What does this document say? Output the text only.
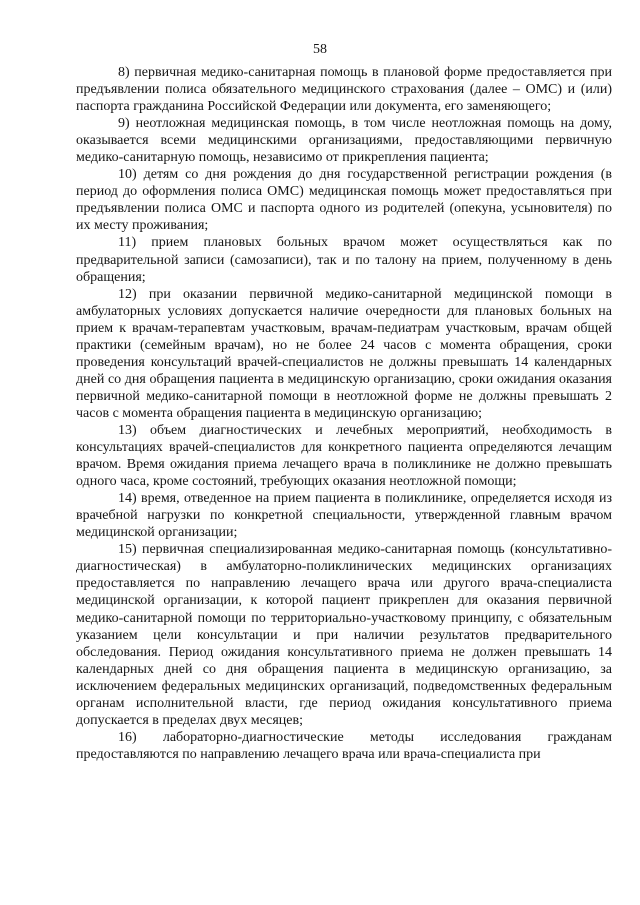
58

8) первичная медико-санитарная помощь в плановой форме предоставляется при предъявлении полиса обязательного медицинского страхования (далее – ОМС) и (или) паспорта гражданина Российской Федерации или документа, его заменяющего;

9) неотложная медицинская помощь, в том числе неотложная помощь на дому, оказывается всеми медицинскими организациями, предоставляющими первичную медико-санитарную помощь, независимо от прикрепления пациента;

10) детям со дня рождения до дня государственной регистрации рождения (в период до оформления полиса ОМС) медицинская помощь может предоставляться при предъявлении полиса ОМС и паспорта одного из родителей (опекуна, усыновителя) по их месту проживания;

11) прием плановых больных врачом может осуществляться как по предварительной записи (самозаписи), так и по талону на прием, полученному в день обращения;

12) при оказании первичной медико-санитарной медицинской помощи в амбулаторных условиях допускается наличие очередности для плановых больных на прием к врачам-терапевтам участковым, врачам-педиатрам участковым, врачам общей практики (семейным врачам), но не более 24 часов с момента обращения, сроки проведения консультаций врачей-специалистов не должны превышать 14 календарных дней со дня обращения пациента в медицинскую организацию, сроки ожидания оказания первичной медико-санитарной помощи в неотложной форме не должны превышать 2 часов с момента обращения пациента в медицинскую организацию;

13) объем диагностических и лечебных мероприятий, необходимость в консультациях врачей-специалистов для конкретного пациента определяются лечащим врачом. Время ожидания приема лечащего врача в поликлинике не должно превышать одного часа, кроме состояний, требующих оказания неотложной помощи;

14) время, отведенное на прием пациента в поликлинике, определяется исходя из врачебной нагрузки по конкретной специальности, утвержденной главным врачом медицинской организации;

15) первичная специализированная медико-санитарная помощь (консультативно-диагностическая) в амбулаторно-поликлинических медицинских организациях предоставляется по направлению лечащего врача или другого врача-специалиста медицинской организации, к которой пациент прикреплен для оказания первичной медико-санитарной помощи по территориально-участковому принципу, с обязательным указанием цели консультации и при наличии результатов предварительного обследования. Период ожидания консультативного приема не должен превышать 14 календарных дней со дня обращения пациента в медицинскую организацию, за исключением федеральных медицинских организаций, подведомственных федеральным органам исполнительной власти, где период ожидания консультативного приема допускается в пределах двух месяцев;

16) лабораторно-диагностические методы исследования гражданам предоставляются по направлению лечащего врача или врача-специалиста при
